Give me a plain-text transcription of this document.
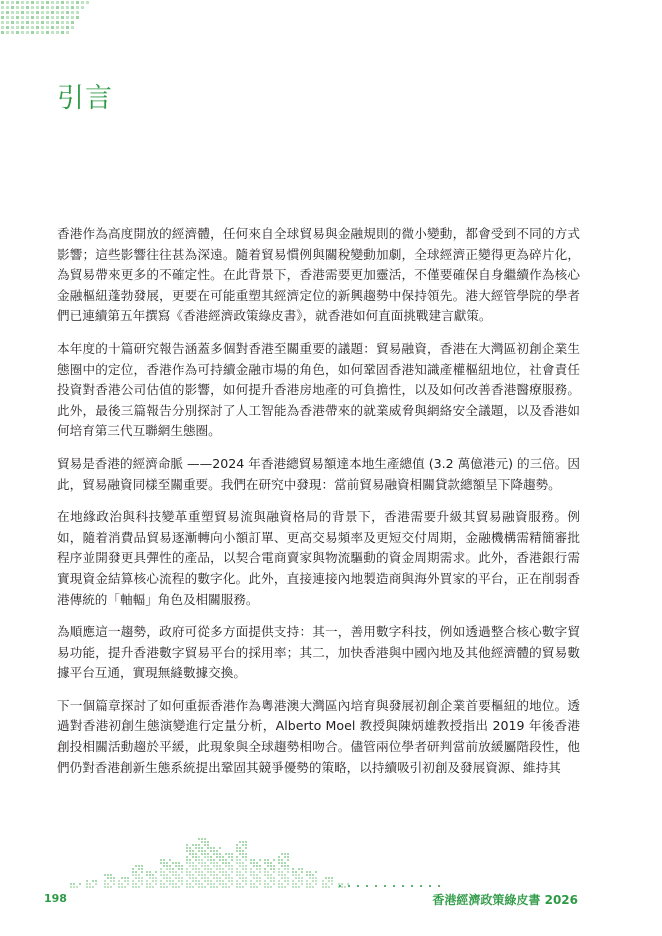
引言

香港作為高度開放的經濟體，任何來自全球貿易與金融規則的微小變動，都會受到不同的方式影響；這些影響往往甚為深遠。隨着貿易慣例與關稅變動加劇，全球經濟正變得更為碎片化，為貿易帶來更多的不確定性。在此背景下，香港需要更加靈活，不僅要確保自身繼續作為核心金融樞紐蓬勃發展，更要在可能重塑其經濟定位的新興趨勢中保持領先。港大經管學院的學者們已連續第五年撰寫《香港經濟政策綠皮書》，就香港如何直面挑戰建言獻策。

本年度的十篇研究報告涵蓋多個對香港至關重要的議題：貿易融資，香港在大灣區初創企業生態圈中的定位，香港作為可持續金融市場的角色，如何鞏固香港知識產權樞紐地位，社會責任投資對香港公司估值的影響，如何提升香港房地產的可負擔性，以及如何改善香港醫療服務。此外，最後三篇報告分別探討了人工智能為香港帶來的就業威脅與網絡安全議題，以及香港如何培育第三代互聯網生態圈。

貿易是香港的經濟命脈 ——2024 年香港總貿易額達本地生產總值 (3.2 萬億港元) 的三倍。因此，貿易融資同樣至關重要。我們在研究中發現：當前貿易融資相關貸款總額呈下降趨勢。

在地緣政治與科技變革重塑貿易流與融資格局的背景下，香港需要升級其貿易融資服務。例如，隨着消費品貿易逐漸轉向小額訂單、更高交易頻率及更短交付周期，金融機構需精簡審批程序並開發更具彈性的產品，以契合電商賣家與物流驅動的資金周期需求。此外，香港銀行需實現資金結算核心流程的數字化。此外，直接連接內地製造商與海外買家的平台，正在削弱香港傳統的「軸輻」角色及相關服務。

為順應這一趨勢，政府可從多方面提供支持：其一，善用數字科技，例如透過整合核心數字貿易功能，提升香港數字貿易平台的採用率；其二，加快香港與中國內地及其他經濟體的貿易數據平台互通，實現無縫數據交換。

下一個篇章探討了如何重振香港作為粵港澳大灣區內培育與發展初創企業首要樞紐的地位。透過對香港初創生態演變進行定量分析，Alberto Moel 教授與陳炳雄教授指出 2019 年後香港創投相關活動趨於平緩，此現象與全球趨勢相吻合。儘管兩位學者研判當前放緩屬階段性，他們仍對香港創新生態系統提出鞏固其競爭優勢的策略，以持續吸引初創及發展資源、維持其

198	香港經濟政策綠皮書 2026
